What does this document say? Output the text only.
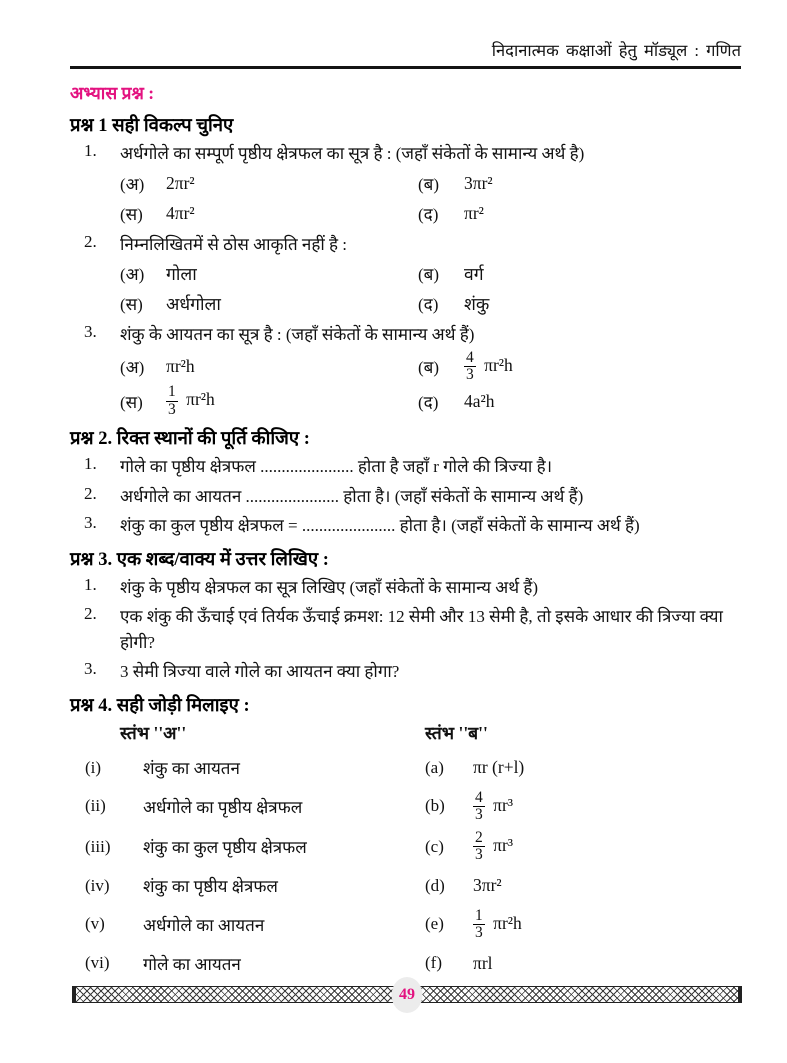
निदानात्मक कक्षाओं हेतु मॉड्यूल : गणित
अभ्यास प्रश्न :
प्रश्न 1 सही विकल्प चुनिए
1.	अर्धगोले का सम्पूर्ण पृष्ठीय क्षेत्रफल का सूत्र है : (जहाँ संकेतों के सामान्य अर्थ है)
(अ)	2πr²	(ब)	3πr²
(स)	4πr²	(द)	πr²
2.	निम्नलिखितमें से ठोस आकृति नहीं है :
(अ)	गोला	(ब)	वर्ग
(स)	अर्धगोला	(द)	शंकु
3.	शंकु के आयतन का सूत्र है : (जहाँ संकेतों के सामान्य अर्थ हैं)
(अ)	πr²h	(ब)	$\frac{4}{3} \pi r^2h$
(स)	$\frac{1}{3} \pi r^2h$	(द)	4a²h
प्रश्न 2. रिक्त स्थानों की पूर्ति कीजिए :
1.	गोले का पृष्ठीय क्षेत्रफल ...................... होता है जहाँ r गोले की त्रिज्या है।
2.	अर्धगोले का आयतन ...................... होता है। (जहाँ संकेतों के सामान्य अर्थ हैं)
3.	शंकु का कुल पृष्ठीय क्षेत्रफल = ...................... होता है। (जहाँ संकेतों के सामान्य अर्थ हैं)
प्रश्न 3. एक शब्द/वाक्य में उत्तर लिखिए :
1.	शंकु के पृष्ठीय क्षेत्रफल का सूत्र लिखिए (जहाँ संकेतों के सामान्य अर्थ हैं)
2.	एक शंकु की ऊँचाई एवं तिर्यक ऊँचाई क्रमश: 12 सेमी और 13 सेमी है, तो इसके आधार की त्रिज्या क्या होगी?
3.	3 सेमी त्रिज्या वाले गोले का आयतन क्या होगा?
प्रश्न 4. सही जोड़ी मिलाइए :
स्तंभ ''अ''	स्तंभ ''ब''
(i)	शंकु का आयतन	(a)	πr (r+l)
(ii)	अर्धगोले का पृष्ठीय क्षेत्रफल	(b)	$\frac{4}{3} \pi r^3$
(iii)	शंकु का कुल पृष्ठीय क्षेत्रफल	(c)	$\frac{2}{3} \pi r^3$
(iv)	शंकु का पृष्ठीय क्षेत्रफल	(d)	3πr²
(v)	अर्धगोले का आयतन	(e)	$\frac{1}{3} \pi r^2h$
(vi)	गोले का आयतन	(f)	πrl
49
